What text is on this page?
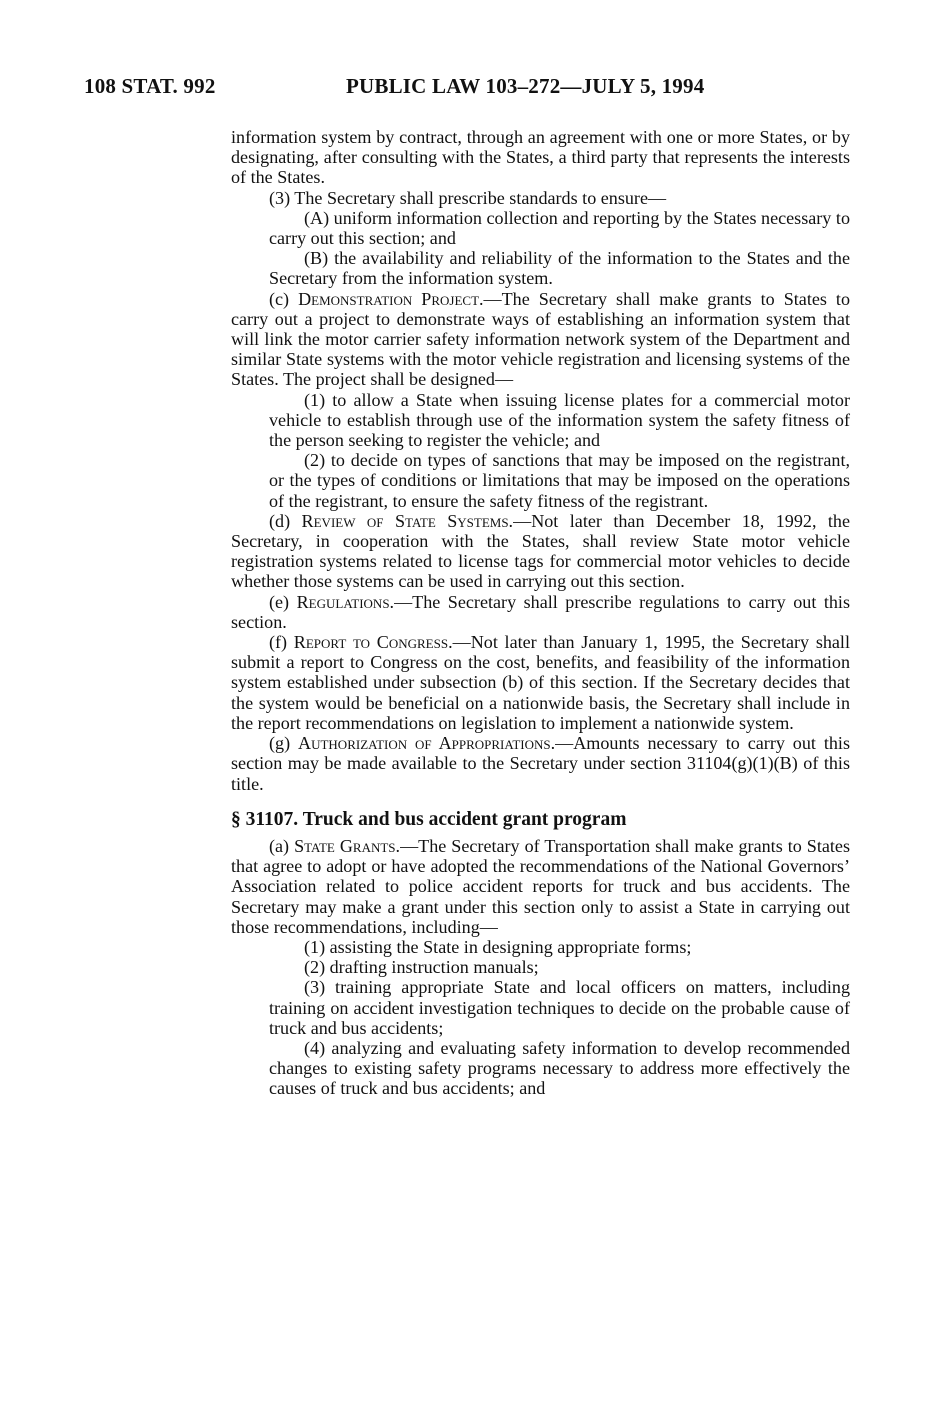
108 STAT. 992	PUBLIC LAW 103–272—JULY 5, 1994
information system by contract, through an agreement with one or more States, or by designating, after consulting with the States, a third party that represents the interests of the States.
(3) The Secretary shall prescribe standards to ensure—
(A) uniform information collection and reporting by the States necessary to carry out this section; and
(B) the availability and reliability of the information to the States and the Secretary from the information system.
(c) Demonstration Project.—The Secretary shall make grants to States to carry out a project to demonstrate ways of establishing an information system that will link the motor carrier safety information network system of the Department and similar State systems with the motor vehicle registration and licensing systems of the States. The project shall be designed—
(1) to allow a State when issuing license plates for a commercial motor vehicle to establish through use of the information system the safety fitness of the person seeking to register the vehicle; and
(2) to decide on types of sanctions that may be imposed on the registrant, or the types of conditions or limitations that may be imposed on the operations of the registrant, to ensure the safety fitness of the registrant.
(d) Review of State Systems.—Not later than December 18, 1992, the Secretary, in cooperation with the States, shall review State motor vehicle registration systems related to license tags for commercial motor vehicles to decide whether those systems can be used in carrying out this section.
(e) Regulations.—The Secretary shall prescribe regulations to carry out this section.
(f) Report to Congress.—Not later than January 1, 1995, the Secretary shall submit a report to Congress on the cost, benefits, and feasibility of the information system established under subsection (b) of this section. If the Secretary decides that the system would be beneficial on a nationwide basis, the Secretary shall include in the report recommendations on legislation to implement a nationwide system.
(g) Authorization of Appropriations.—Amounts necessary to carry out this section may be made available to the Secretary under section 31104(g)(1)(B) of this title.
§ 31107. Truck and bus accident grant program
(a) State Grants.—The Secretary of Transportation shall make grants to States that agree to adopt or have adopted the recommendations of the National Governors’ Association related to police accident reports for truck and bus accidents. The Secretary may make a grant under this section only to assist a State in carrying out those recommendations, including—
(1) assisting the State in designing appropriate forms;
(2) drafting instruction manuals;
(3) training appropriate State and local officers on matters, including training on accident investigation techniques to decide on the probable cause of truck and bus accidents;
(4) analyzing and evaluating safety information to develop recommended changes to existing safety programs necessary to address more effectively the causes of truck and bus accidents; and
